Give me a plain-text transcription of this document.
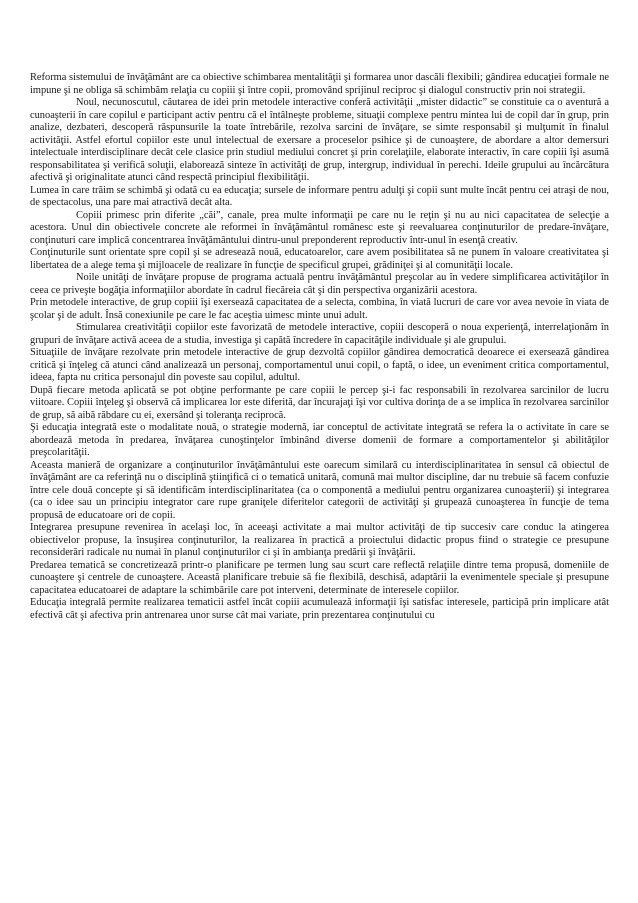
Reforma sistemului de învăţământ are ca obiective schimbarea mentalităţii şi formarea unor dascăli flexibili; gândirea educaţiei formale ne impune şi ne obliga să schimbăm relaţia cu copiii şi între copii, promovând sprijinul reciproc şi dialogul constructiv prin noi strategii.

Noul, necunoscutul, căutarea de idei prin metodele interactive conferă activităţii „mister didactic” se constituie ca o aventură a cunoaşterii în care copilul e participant activ pentru că el întâlneşte probleme, situaţii complexe pentru mintea lui de copil dar în grup, prin analize, dezbateri, descoperă răspunsurile la toate întrebările, rezolva sarcini de învăţare, se simte responsabil şi mulţumit în finalul activităţii. Astfel efortul copiilor este unul intelectual de exersare a proceselor psihice şi de cunoaştere, de abordare a altor demersuri intelectuale interdisciplinare decât cele clasice prin studiul mediului concret şi prin corelaţiile, elaborate interactiv, în care copiii îşi asumă responsabilitatea şi verifică soluţii, elaborează sinteze în activităţi de grup, intergrup, individual în perechi. Ideile grupului au încărcătura afectivă şi originalitate atunci când respectă principiul flexibilităţii.

Lumea în care trăim se schimbă şi odată cu ea educaţia; sursele de informare pentru adulţi şi copii sunt multe încât pentru cei atraşi de nou, de spectacolus, una pare mai atractivă decât alta.

Copiii primesc prin diferite „căi”, canale, prea multe informaţii pe care nu le reţin şi nu au nici capacitatea de selecţie a acestora. Unul din obiectivele concrete ale reformei în învăţământul românesc este şi reevaluarea conţinuturilor de predare-învăţare, conţinuturi care implică concentrarea învăţământului dintru-unul preponderent reproductiv într-unul în esenţă creativ.

Conţinuturile sunt orientate spre copil şi se adresează nouă, educatoarelor, care avem posibilitatea să ne punem în valoare creativitatea şi libertatea de a alege tema şi mijloacele de realizare în funcţie de specificul grupei, grădiniţei şi al comunităţii locale.

Noile unităţi de învăţare propuse de programa actuală pentru învăţământul preşcolar au în vedere simplificarea activităţilor în ceea ce priveşte bogăţia informaţiilor abordate în cadrul fiecăreia cât şi din perspectiva organizării acestora.

Prin metodele interactive, de grup copiii îşi exersează capacitatea de a selecta, combina, în viată lucruri de care vor avea nevoie în viata de şcolar şi de adult. Însă conexiunile pe care le fac aceştia uimesc minte unui adult.

Stimularea creativităţii copiilor este favorizată de metodele interactive, copiii descoperă o noua experienţă, interrelaţionăm în grupuri de învăţare activă aceea de a studia, investiga şi capătă încredere în capacităţile individuale şi ale grupului.

Situaţiile de învăţare rezolvate prin metodele interactive de grup dezvoltă copiilor gândirea democratică deoarece ei exersează gândirea critică şi înţeleg că atunci când analizează un personaj, comportamentul unui copil, o faptă, o idee, un eveniment critica comportamentul, ideea, fapta nu critica personajul din poveste sau copilul, adultul.

După fiecare metoda aplicată se pot obţine performante pe care copiii le percep şi-i fac responsabili în rezolvarea sarcinilor de lucru viitoare. Copiii înţeleg şi observă că implicarea lor este diferită, dar încurajaţi îşi vor cultiva dorinţa de a se implica în rezolvarea sarcinilor de grup, să aibă răbdare cu ei, exersând şi toleranţa reciprocă.

Şi educaţia integrată este o modalitate nouă, o strategie modernă, iar conceptul de activitate integrată se refera la o activitate în care se abordează metoda în predarea, învăţarea cunoştinţelor îmbinând diverse domenii de formare a comportamentelor şi abilităţilor preşcolarităţii.

Aceasta manieră de organizare a conţinuturilor învăţământului este oarecum similară cu interdisciplinaritatea în sensul că obiectul de învăţământ are ca referinţă nu o disciplină ştiinţifică ci o tematică unitară, comună mai multor discipline, dar nu trebuie să facem confuzie între cele două concepte şi să identificăm interdisciplinaritatea (ca o componentă a mediului pentru organizarea cunoaşterii) şi integrarea (ca o idee sau un principiu integrator care rupe graniţele diferitelor categorii de activităţi şi grupează cunoaşterea în funcţie de tema propusă de educatoare ori de copii.

Integrarea presupune revenirea în acelaşi loc, în aceeaşi activitate a mai multor activităţi de tip succesiv care conduc la atingerea obiectivelor propuse, la însuşirea conţinuturilor, la realizarea în practică a proiectului didactic propus fiind o strategie ce presupune reconsiderări radicale nu numai în planul conţinuturilor ci şi în ambianţa predării şi învăţării.

Predarea tematică se concretizează printr-o planificare pe termen lung sau scurt care reflectă relaţiile dintre tema propusă, domeniile de cunoaştere şi centrele de cunoaştere. Această planificare trebuie să fie flexibilă, deschisă, adaptării la evenimentele speciale şi presupune capacitatea educatoarei de adaptare la schimbările care pot interveni, determinate de interesele copiilor.

Educaţia integrală permite realizarea tematicii astfel încât copiii acumulează informaţii îşi satisfac interesele, participă prin implicare atât efectivă cât şi afectiva prin antrenarea unor surse cât mai variate, prin prezentarea conţinutului cu
